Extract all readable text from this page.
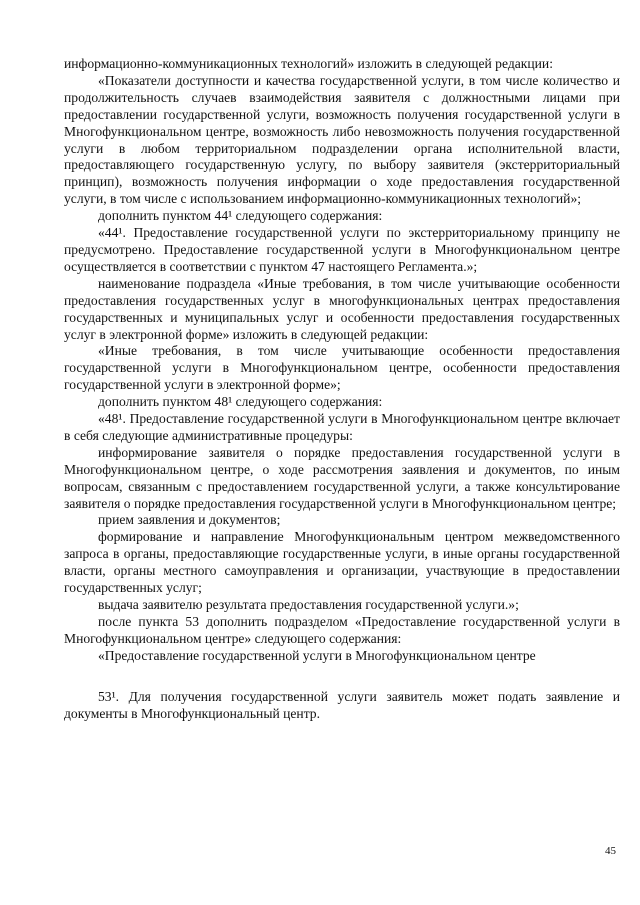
информационно-коммуникационных технологий» изложить в следующей редакции:

«Показатели доступности и качества государственной услуги, в том числе количество и продолжительность случаев взаимодействия заявителя с должностными лицами при предоставлении государственной услуги, возможность получения государственной услуги в Многофункциональном центре, возможность либо невозможность получения государственной услуги в любом территориальном подразделении органа исполнительной власти, предоставляющего государственную услугу, по выбору заявителя (экстерриториальный принцип), возможность получения информации о ходе предоставления государственной услуги, в том числе с использованием информационно-коммуникационных технологий»;

дополнить пунктом 44¹ следующего содержания:

«44¹. Предоставление государственной услуги по экстерриториальному принципу не предусмотрено. Предоставление государственной услуги в Многофункциональном центре осуществляется в соответствии с пунктом 47 настоящего Регламента.»;

наименование подраздела «Иные требования, в том числе учитывающие особенности предоставления государственных услуг в многофункциональных центрах предоставления государственных и муниципальных услуг и особенности предоставления государственных услуг в электронной форме» изложить в следующей редакции:

«Иные требования, в том числе учитывающие особенности предоставления государственной услуги в Многофункциональном центре, особенности предоставления государственной услуги в электронной форме»;

дополнить пунктом 48¹ следующего содержания:

«48¹. Предоставление государственной услуги в Многофункциональном центре включает в себя следующие административные процедуры:

информирование заявителя о порядке предоставления государственной услуги в Многофункциональном центре, о ходе рассмотрения заявления и документов, по иным вопросам, связанным с предоставлением государственной услуги, а также консультирование заявителя о порядке предоставления государственной услуги в Многофункциональном центре;

прием заявления и документов;

формирование и направление Многофункциональным центром межведомственного запроса в органы, предоставляющие государственные услуги, в иные органы государственной власти, органы местного самоуправления и организации, участвующие в предоставлении государственных услуг;

выдача заявителю результата предоставления государственной услуги.»;

после пункта 53 дополнить подразделом «Предоставление государственной услуги в Многофункциональном центре» следующего содержания:

«Предоставление государственной услуги в Многофункциональном центре

53¹. Для получения государственной услуги заявитель может подать заявление и документы в Многофункциональный центр.

45
